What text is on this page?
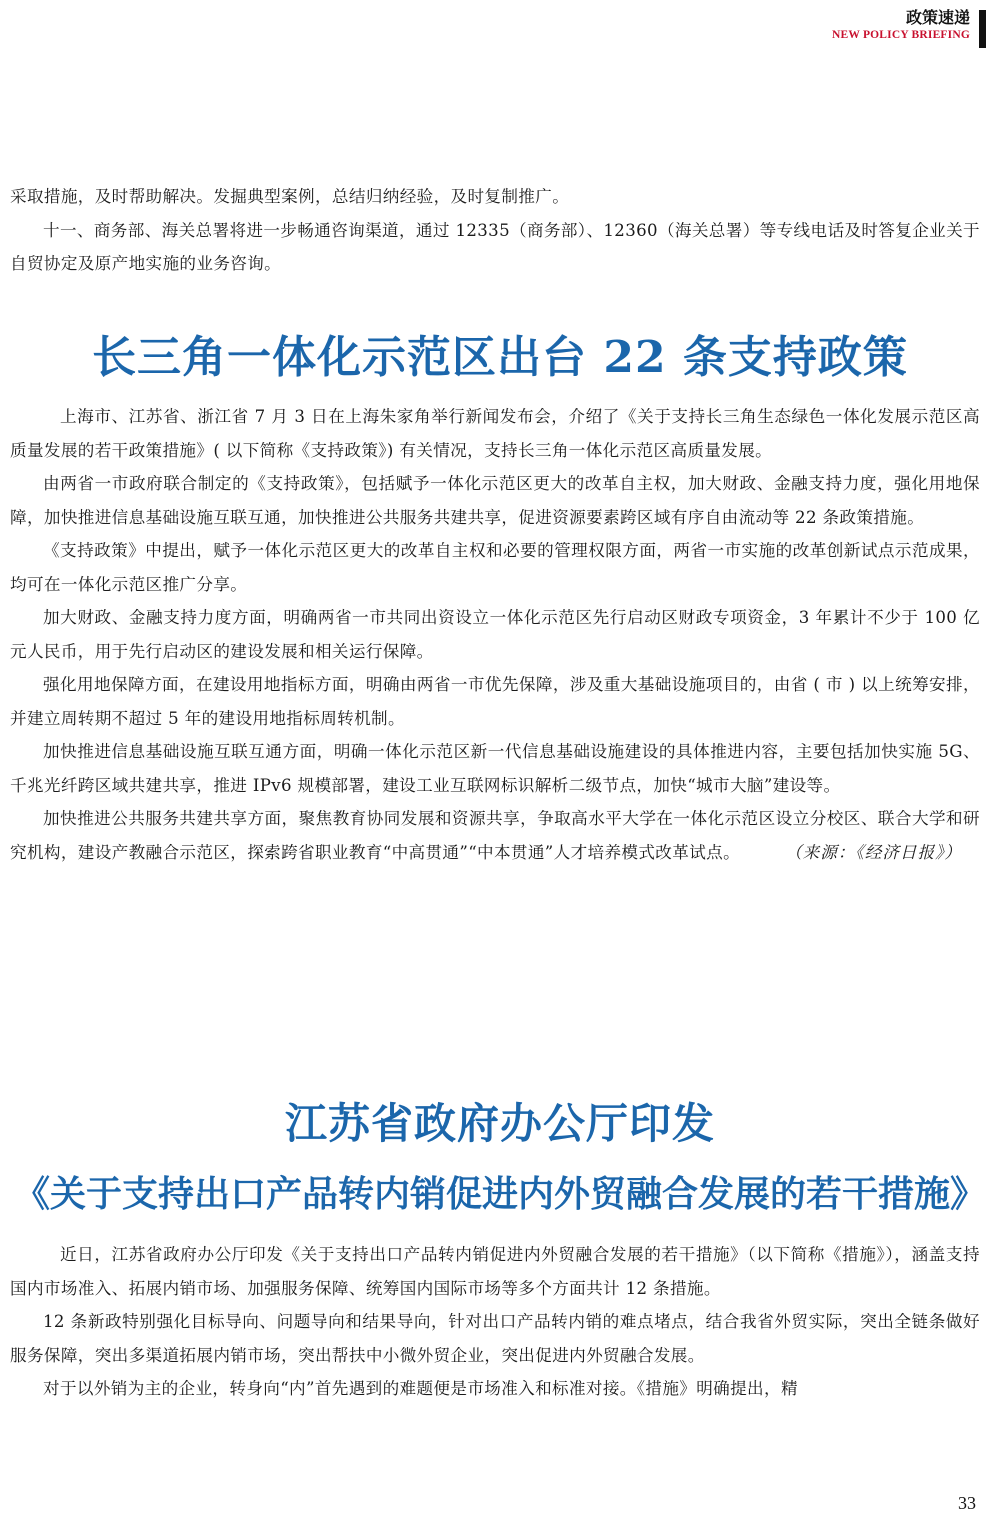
政策速递
NEW POLICY BRIEFING

采取措施，及时帮助解决。发掘典型案例，总结归纳经验，及时复制推广。

十一、商务部、海关总署将进一步畅通咨询渠道，通过 12335（商务部）、12360（海关总署）等专线电话及时答复企业关于自贸协定及原产地实施的业务咨询。

长三角一体化示范区出台 22 条支持政策

上海市、江苏省、浙江省 7 月 3 日在上海朱家角举行新闻发布会，介绍了《关于支持长三角生态绿色一体化发展示范区高质量发展的若干政策措施》( 以下简称《支持政策》) 有关情况，支持长三角一体化示范区高质量发展。

由两省一市政府联合制定的《支持政策》，包括赋予一体化示范区更大的改革自主权，加大财政、金融支持力度，强化用地保障，加快推进信息基础设施互联互通，加快推进公共服务共建共享，促进资源要素跨区域有序自由流动等 22 条政策措施。

《支持政策》中提出，赋予一体化示范区更大的改革自主权和必要的管理权限方面，两省一市实施的改革创新试点示范成果，均可在一体化示范区推广分享。

加大财政、金融支持力度方面，明确两省一市共同出资设立一体化示范区先行启动区财政专项资金，3 年累计不少于 100 亿元人民币，用于先行启动区的建设发展和相关运行保障。

强化用地保障方面，在建设用地指标方面，明确由两省一市优先保障，涉及重大基础设施项目的，由省 ( 市 ) 以上统筹安排，并建立周转期不超过 5 年的建设用地指标周转机制。

加快推进信息基础设施互联互通方面，明确一体化示范区新一代信息基础设施建设的具体推进内容，主要包括加快实施 5G、千兆光纤跨区域共建共享，推进 IPv6 规模部署，建设工业互联网标识解析二级节点，加快“城市大脑”建设等。

加快推进公共服务共建共享方面，聚焦教育协同发展和资源共享，争取高水平大学在一体化示范区设立分校区、联合大学和研究机构，建设产教融合示范区，探索跨省职业教育“中高贯通”“中本贯通”人才培养模式改革试点。	（来源：《经济日报》）

江苏省政府办公厅印发
《关于支持出口产品转内销促进内外贸融合发展的若干措施》

近日，江苏省政府办公厅印发《关于支持出口产品转内销促进内外贸融合发展的若干措施》（以下简称《措施》），涵盖支持国内市场准入、拓展内销市场、加强服务保障、统筹国内国际市场等多个方面共计 12 条措施。

12 条新政特别强化目标导向、问题导向和结果导向，针对出口产品转内销的难点堵点，结合我省外贸实际，突出全链条做好服务保障，突出多渠道拓展内销市场，突出帮扶中小微外贸企业，突出促进内外贸融合发展。

对于以外销为主的企业，转身向“内”首先遇到的难题便是市场准入和标准对接。《措施》明确提出，精

33
